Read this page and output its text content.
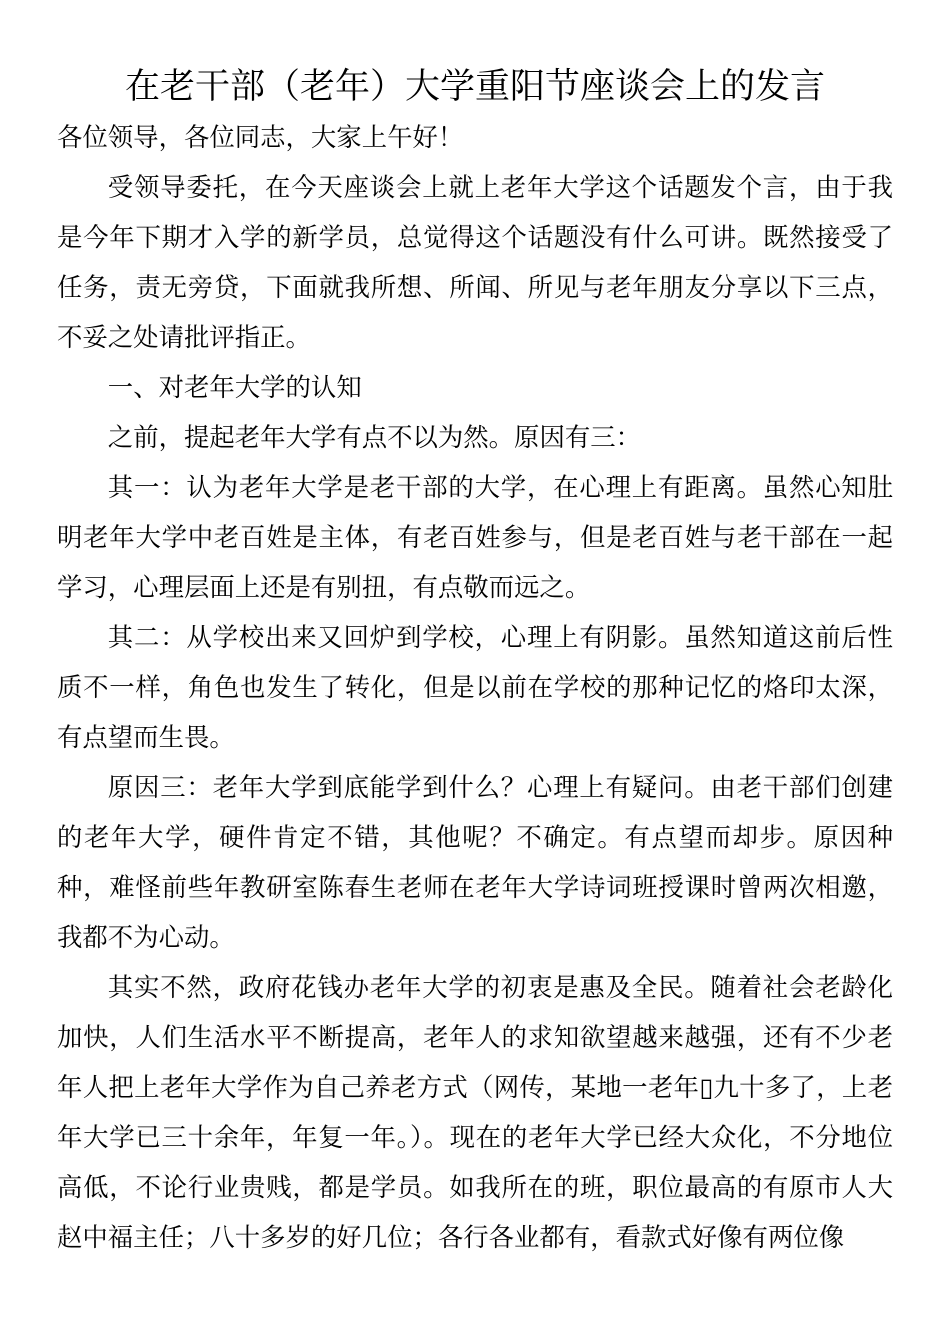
在老干部（老年）大学重阳节座谈会上的发言

各位领导，各位同志，大家上午好！

受领导委托，在今天座谈会上就上老年大学这个话题发个言，由于我是今年下期才入学的新学员，总觉得这个话题没有什么可讲。既然接受了任务，责无旁贷，下面就我所想、所闻、所见与老年朋友分享以下三点，不妥之处请批评指正。

一、对老年大学的认知

之前，提起老年大学有点不以为然。原因有三：

其一：认为老年大学是老干部的大学，在心理上有距离。虽然心知肚明老年大学中老百姓是主体，有老百姓参与，但是老百姓与老干部在一起学习，心理层面上还是有别扭，有点敬而远之。

其二：从学校出来又回炉到学校，心理上有阴影。虽然知道这前后性质不一样，角色也发生了转化，但是以前在学校的那种记忆的烙印太深，有点望而生畏。

原因三：老年大学到底能学到什么？心理上有疑问。由老干部们创建的老年大学，硬件肯定不错，其他呢？不确定。有点望而却步。原因种种，难怪前些年教研室陈春生老师在老年大学诗词班授课时曾两次相邀，我都不为心动。

其实不然，政府花钱办老年大学的初衷是惠及全民。随着社会老龄化加快，人们生活水平不断提高，老年人的求知欲望越来越强，还有不少老年人把上老年大学作为自己养老方式（网传，某地一老年▯九十多了，上老年大学已三十余年，年复一年。）。现在的老年大学已经大众化，不分地位高低，不论行业贵贱，都是学员。如我所在的班，职位最高的有原市人大赵中福主任；八十多岁的好几位；各行各业都有，看款式好像有两位像
